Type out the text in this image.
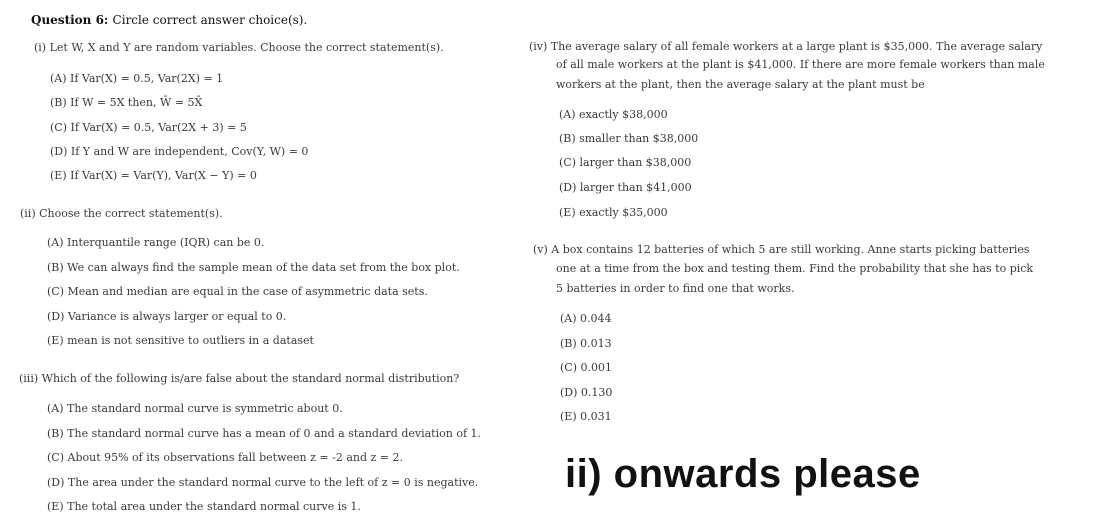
Question 6: Circle correct answer choice(s).
(i) Let W, X and Y are random variables. Choose the correct statement(s).
(A) If Var(X) = 0.5, Var(2X) = 1
(B) If W = 5X then, W̄ = 5X̄
(C) If Var(X) = 0.5, Var(2X + 3) = 5
(D) If Y and W are independent, Cov(Y, W) = 0
(E) If Var(X) = Var(Y), Var(X − Y) = 0
(ii) Choose the correct statement(s).
(A) Interquantile range (IQR) can be 0.
(B) We can always find the sample mean of the data set from the box plot.
(C) Mean and median are equal in the case of asymmetric data sets.
(D) Variance is always larger or equal to 0.
(E) mean is not sensitive to outliers in a dataset
(iii) Which of the following is/are false about the standard normal distribution?
(A) The standard normal curve is symmetric about 0.
(B) The standard normal curve has a mean of 0 and a standard deviation of 1.
(C) About 95% of its observations fall between z = -2 and z = 2.
(D) The area under the standard normal curve to the left of z = 0 is negative.
(E) The total area under the standard normal curve is 1.
(iv) The average salary of all female workers at a large plant is $35,000. The average salary
of all male workers at the plant is $41,000. If there are more female workers than male
workers at the plant, then the average salary at the plant must be
(A) exactly $38,000
(B) smaller than $38,000
(C) larger than $38,000
(D) larger than $41,000
(E) exactly $35,000
(v) A box contains 12 batteries of which 5 are still working. Anne starts picking batteries
one at a time from the box and testing them. Find the probability that she has to pick
5 batteries in order to find one that works.
(A) 0.044
(B) 0.013
(C) 0.001
(D) 0.130
(E) 0.031
ii) onwards please
